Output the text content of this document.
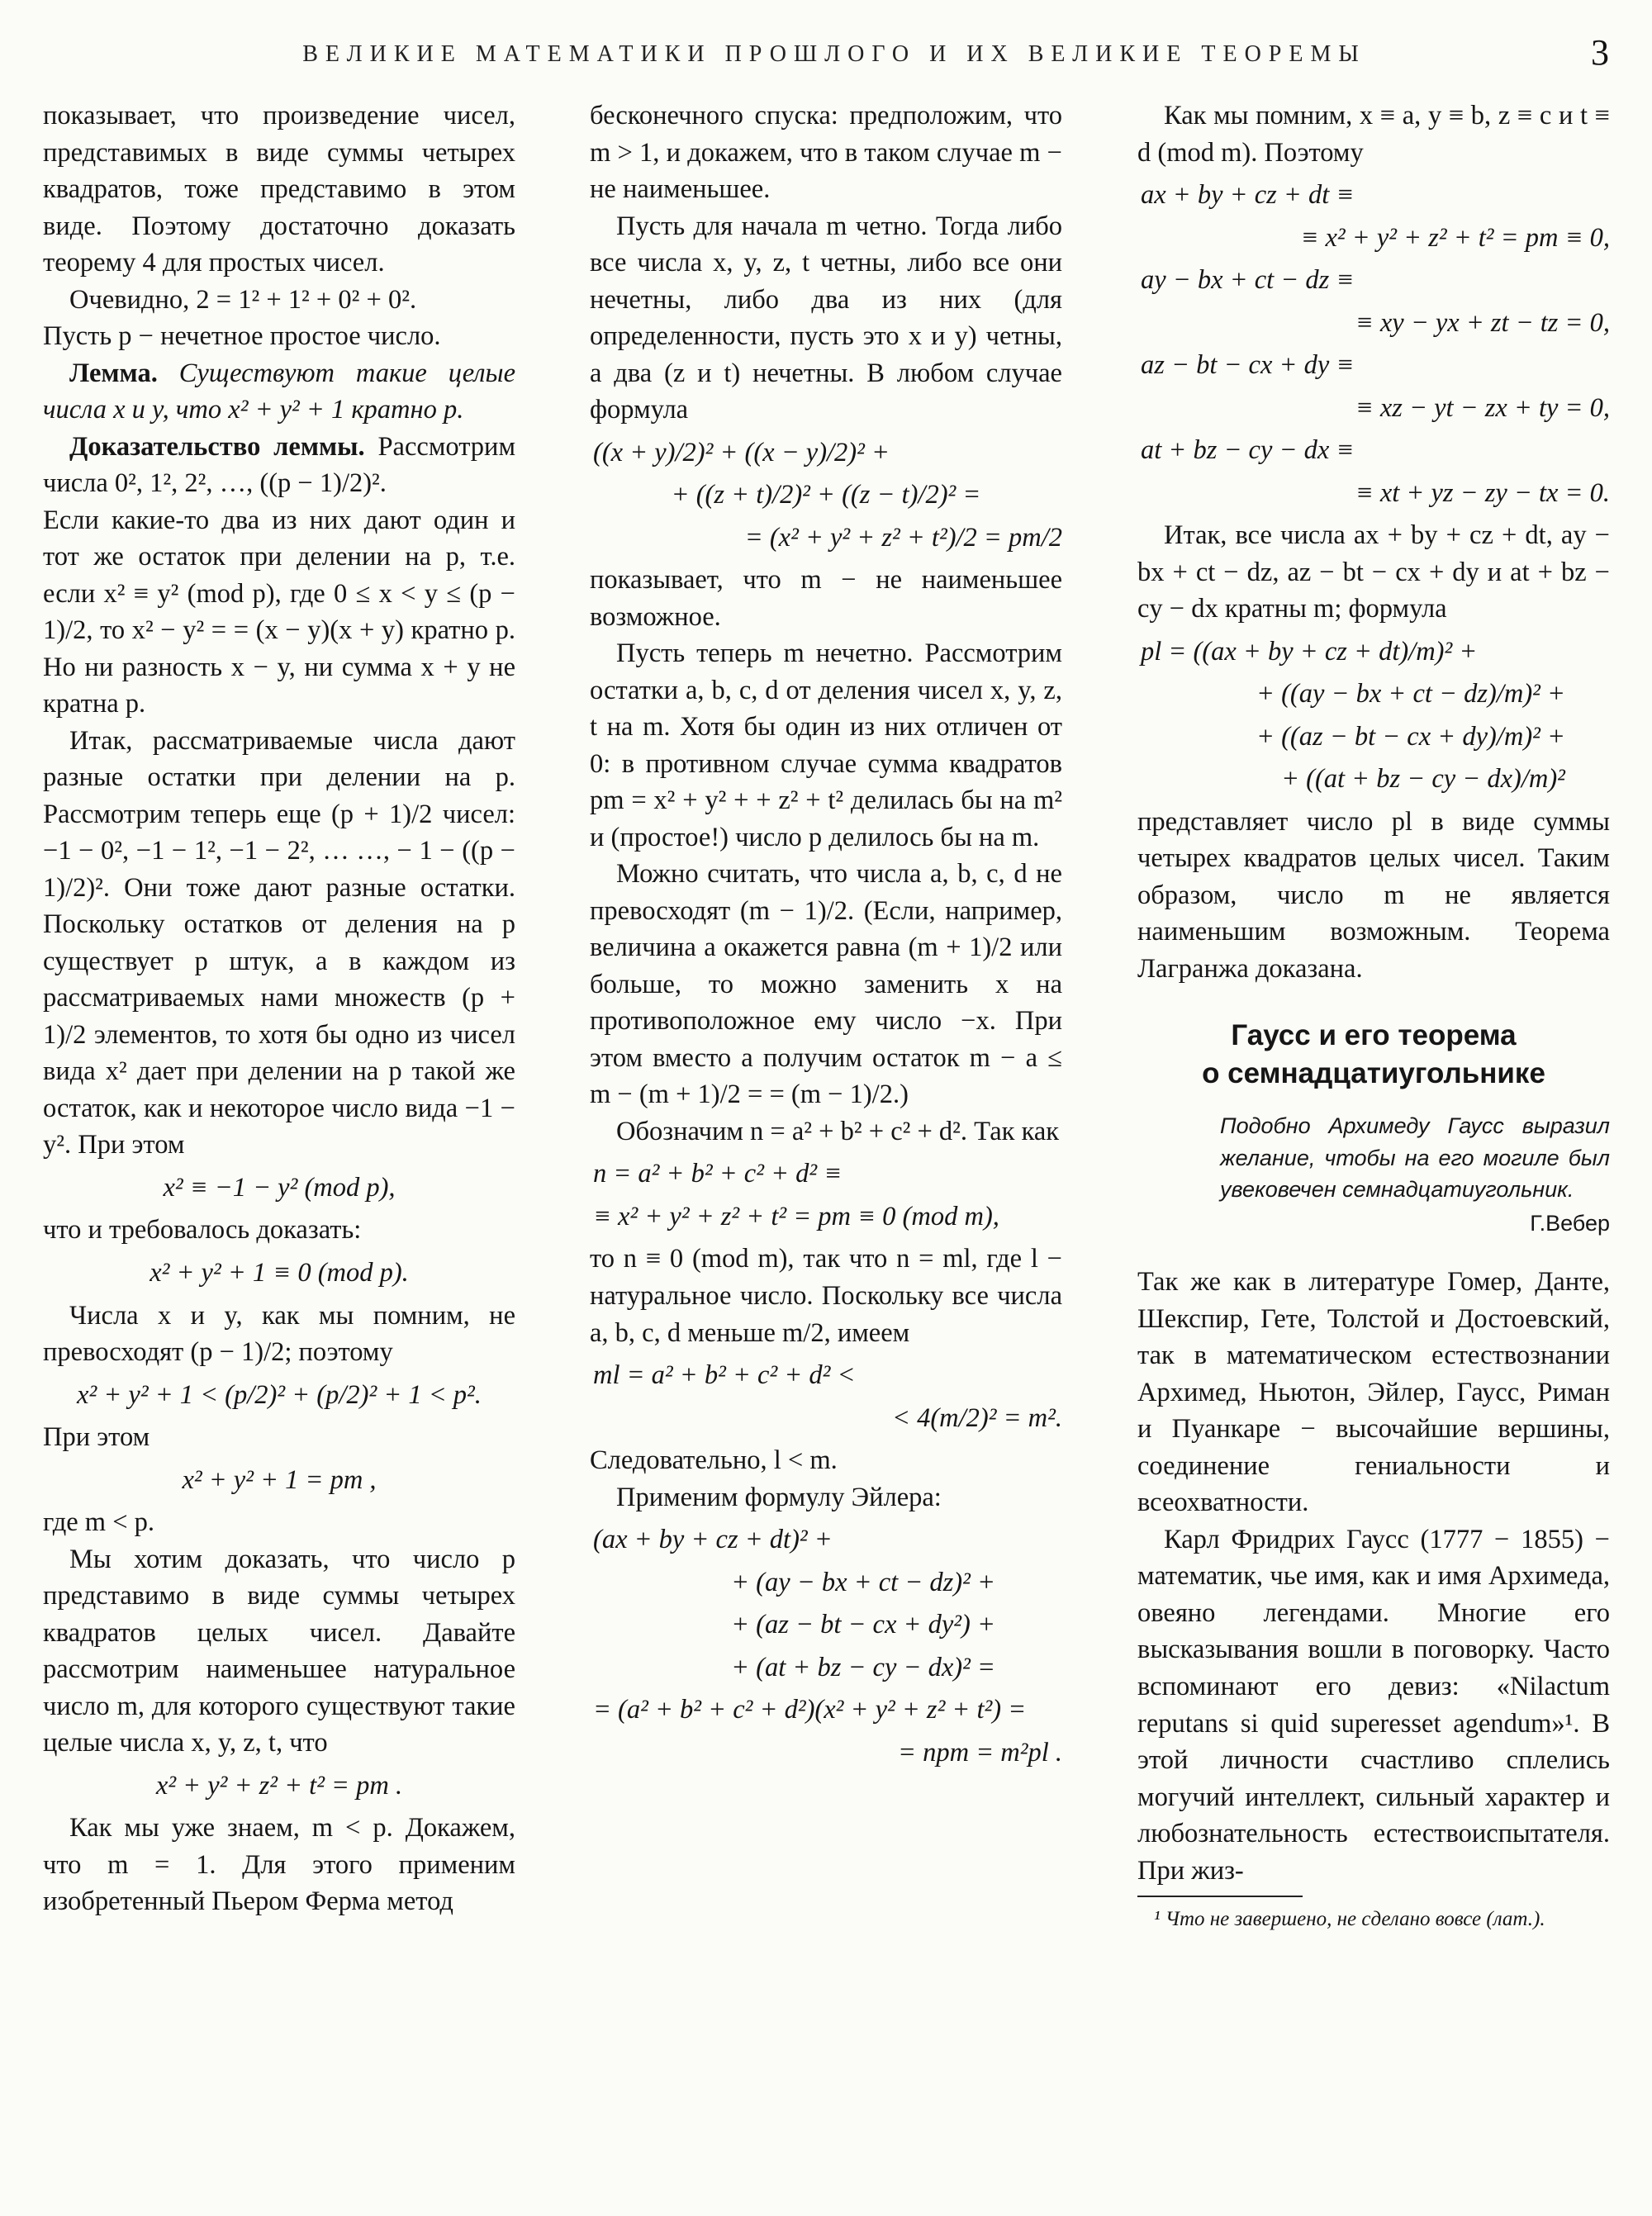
ВЕЛИКИЕ МАТЕМАТИКИ ПРОШЛОГО И ИХ ВЕЛИКИЕ ТЕОРЕМЫ	3

показывает, что произведение чисел, представимых в виде суммы четырех квадратов, тоже представимо в этом виде. Поэтому достаточно доказать теорему 4 для простых чисел.

Очевидно, 2 = 1² + 1² + 0² + 0².

Пусть p − нечетное простое число.

Лемма. Существуют такие целые числа x и y, что x² + y² + 1 кратно p.

Доказательство леммы. Рассмотрим числа 0², 1², 2², …, ((p − 1)/2)².

Если какие-то два из них дают один и тот же остаток при делении на p, т.е. если x² ≡ y² (mod p), где 0 ≤ x < y ≤ (p − 1)/2, то x² − y² = = (x − y)(x + y) кратно p. Но ни разность x − y, ни сумма x + y не кратна p.

Итак, рассматриваемые числа дают разные остатки при делении на p. Рассмотрим теперь еще (p + 1)/2 чисел: −1 − 0², −1 − 1², −1 − 2², … …, − 1 − ((p − 1)/2)². Они тоже дают разные остатки. Поскольку остатков от деления на p существует p штук, а в каждом из рассматриваемых нами множеств (p + 1)/2 элементов, то хотя бы одно из чисел вида x² дает при делении на p такой же остаток, как и некоторое число вида −1 − y². При этом

x² ≡ −1 − y² (mod p),

что и требовалось доказать:

x² + y² + 1 ≡ 0 (mod p).

Числа x и y, как мы помним, не превосходят (p − 1)/2; поэтому

x² + y² + 1 < (p/2)² + (p/2)² + 1 < p².

При этом

x² + y² + 1 = pm ,

где m < p.

Мы хотим доказать, что число p представимо в виде суммы четырех квадратов целых чисел. Давайте рассмотрим наименьшее натуральное число m, для которого существуют такие целые числа x, y, z, t, что

x² + y² + z² + t² = pm .

Как мы уже знаем, m < p. Докажем, что m = 1. Для этого применим изобретенный Пьером Ферма метод

бесконечного спуска: предположим, что m > 1, и докажем, что в таком случае m − не наименьшее.

Пусть для начала m четно. Тогда либо все числа x, y, z, t четны, либо все они нечетны, либо два из них (для определенности, пусть это x и y) четны, а два (z и t) нечетны. В любом случае формула

((x + y)/2)² + ((x − y)/2)² +
+ ((z + t)/2)² + ((z − t)/2)² =
= (x² + y² + z² + t²)/2 = pm/2

показывает, что m − не наименьшее возможное.

Пусть теперь m нечетно. Рассмотрим остатки a, b, c, d от деления чисел x, y, z, t на m. Хотя бы один из них отличен от 0: в противном случае сумма квадратов pm = x² + y² + + z² + t² делилась бы на m² и (простое!) число p делилось бы на m.

Можно считать, что числа a, b, c, d не превосходят (m − 1)/2. (Если, например, величина a окажется равна (m + 1)/2 или больше, то можно заменить x на противоположное ему число −x. При этом вместо a получим остаток m − a ≤ m − (m + 1)/2 = = (m − 1)/2.)

Обозначим n = a² + b² + c² + d². Так как

n = a² + b² + c² + d² ≡
≡ x² + y² + z² + t² = pm ≡ 0 (mod m),

то n ≡ 0 (mod m), так что n = ml, где l − натуральное число. Поскольку все числа a, b, c, d меньше m/2, имеем

ml = a² + b² + c² + d² <
< 4(m/2)² = m².

Следовательно, l < m.

Применим формулу Эйлера:

(ax + by + cz + dt)² +
+ (ay − bx + ct − dz)² +
+ (az − bt − cx + dy²) +
+ (at + bz − cy − dx)² =
= (a² + b² + c² + d²)(x² + y² + z² + t²) =
= npm = m²pl .

Как мы помним, x ≡ a, y ≡ b, z ≡ c и t ≡ d (mod m). Поэтому

ax + by + cz + dt ≡
≡ x² + y² + z² + t² = pm ≡ 0,
ay − bx + ct − dz ≡
≡ xy − yx + zt − tz = 0,
az − bt − cx + dy ≡
≡ xz − yt − zx + ty = 0,
at + bz − cy − dx ≡
≡ xt + yz − zy − tx = 0.

Итак, все числа ax + by + cz + dt, ay − bx + ct − dz, az − bt − cx + dy и at + bz − cy − dx кратны m; формула

pl = ((ax + by + cz + dt)/m)² +
+ ((ay − bx + ct − dz)/m)² +
+ ((az − bt − cx + dy)/m)² +
+ ((at + bz − cy − dx)/m)²

представляет число pl в виде суммы четырех квадратов целых чисел. Таким образом, число m не является наименьшим возможным. Теорема Лагранжа доказана.

Гаусс и его теорема
о семнадцатиугольнике
Подобно Архимеду Гаусс выразил желание, чтобы на его могиле был увековечен семнадцатиугольник.
Г.Вебер

Так же как в литературе Гомер, Данте, Шекспир, Гете, Толстой и Достоевский, так в математическом естествознании Архимед, Ньютон, Эйлер, Гаусс, Риман и Пуанкаре − высочайшие вершины, соединение гениальности и всеохватности.

Карл Фридрих Гаусс (1777 − 1855) − математик, чье имя, как и имя Архимеда, овеяно легендами. Многие его высказывания вошли в поговорку. Часто вспоминают его девиз: «Nilactum reputans si quid superesset agendum»¹. В этой личности счастливо сплелись могучий интеллект, сильный характер и любознательность естествоиспытателя. При жиз-

¹ Что не завершено, не сделано вовсе (лат.).
